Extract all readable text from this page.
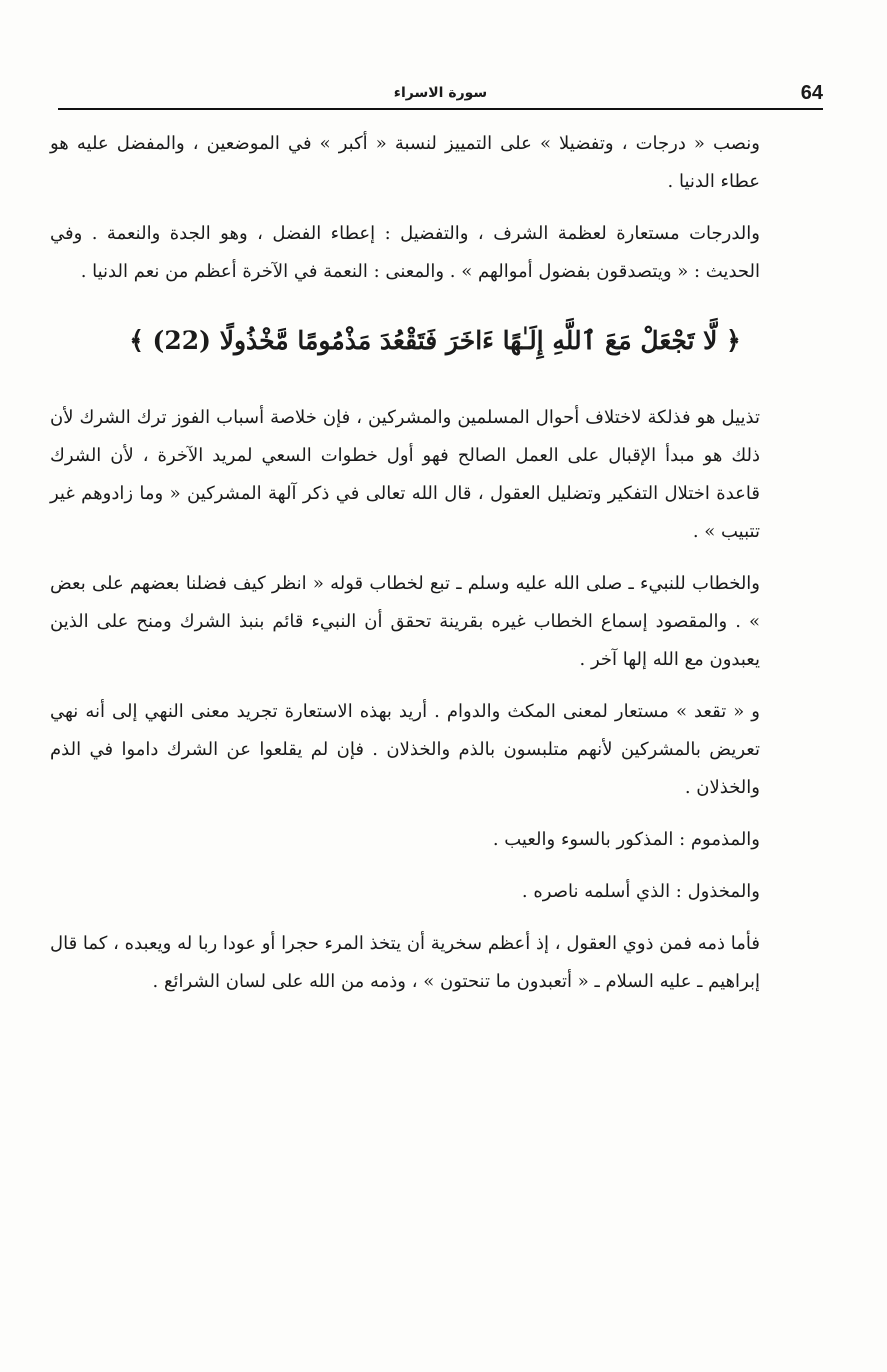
64
سورة الاسراء

ونصب « درجات ، وتفضيلا » على التمييز لنسبة « أكبر » في الموضعين ، والمفضل عليه هو عطاء الدنيا .

والدرجات مستعارة لعظمة الشرف ، والتفضيل : إعطاء الفضل ، وهو الجدة والنعمة . وفي الحديث : « ويتصدقون بفضول أموالهم » . والمعنى : النعمة في الآخرة أعظم من نعم الدنيا .

﴿ لَّا تَجْعَلْ مَعَ ٱللَّهِ إِلَـٰهًا ءَاخَرَ فَتَقْعُدَ مَذْمُومًا مَّخْذُولًا (22) ﴾

تذييل هو فذلكة لاختلاف أحوال المسلمين والمشركين ، فإن خلاصة أسباب الفوز ترك الشرك لأن ذلك هو مبدأ الإقبال على العمل الصالح فهو أول خطوات السعي لمريد الآخرة ، لأن الشرك قاعدة اختلال التفكير وتضليل العقول ، قال الله تعالى في ذكر آلهة المشركين « وما زادوهم غير تتبيب » .

والخطاب للنبيء ـ صلى الله عليه وسلم ـ تبع لخطاب قوله « انظر كيف فضلنا بعضهم على بعض » . والمقصود إسماع الخطاب غيره بقرينة تحقق أن النبيء قائم بنبذ الشرك ومنح على الذين يعبدون مع الله إلها آخر .

و « تقعد » مستعار لمعنى المكث والدوام . أريد بهذه الاستعارة تجريد معنى النهي إلى أنه نهي تعريض بالمشركين لأنهم متلبسون بالذم والخذلان . فإن لم يقلعوا عن الشرك داموا في الذم والخذلان .

والمذموم : المذكور بالسوء والعيب .

والمخذول : الذي أسلمه ناصره .

فأما ذمه فمن ذوي العقول ، إذ أعظم سخرية أن يتخذ المرء حجرا أو عودا ربا له ويعبده ، كما قال إبراهيم ـ عليه السلام ـ « أتعبدون ما تنحتون » ، وذمه من الله على لسان الشرائع .
